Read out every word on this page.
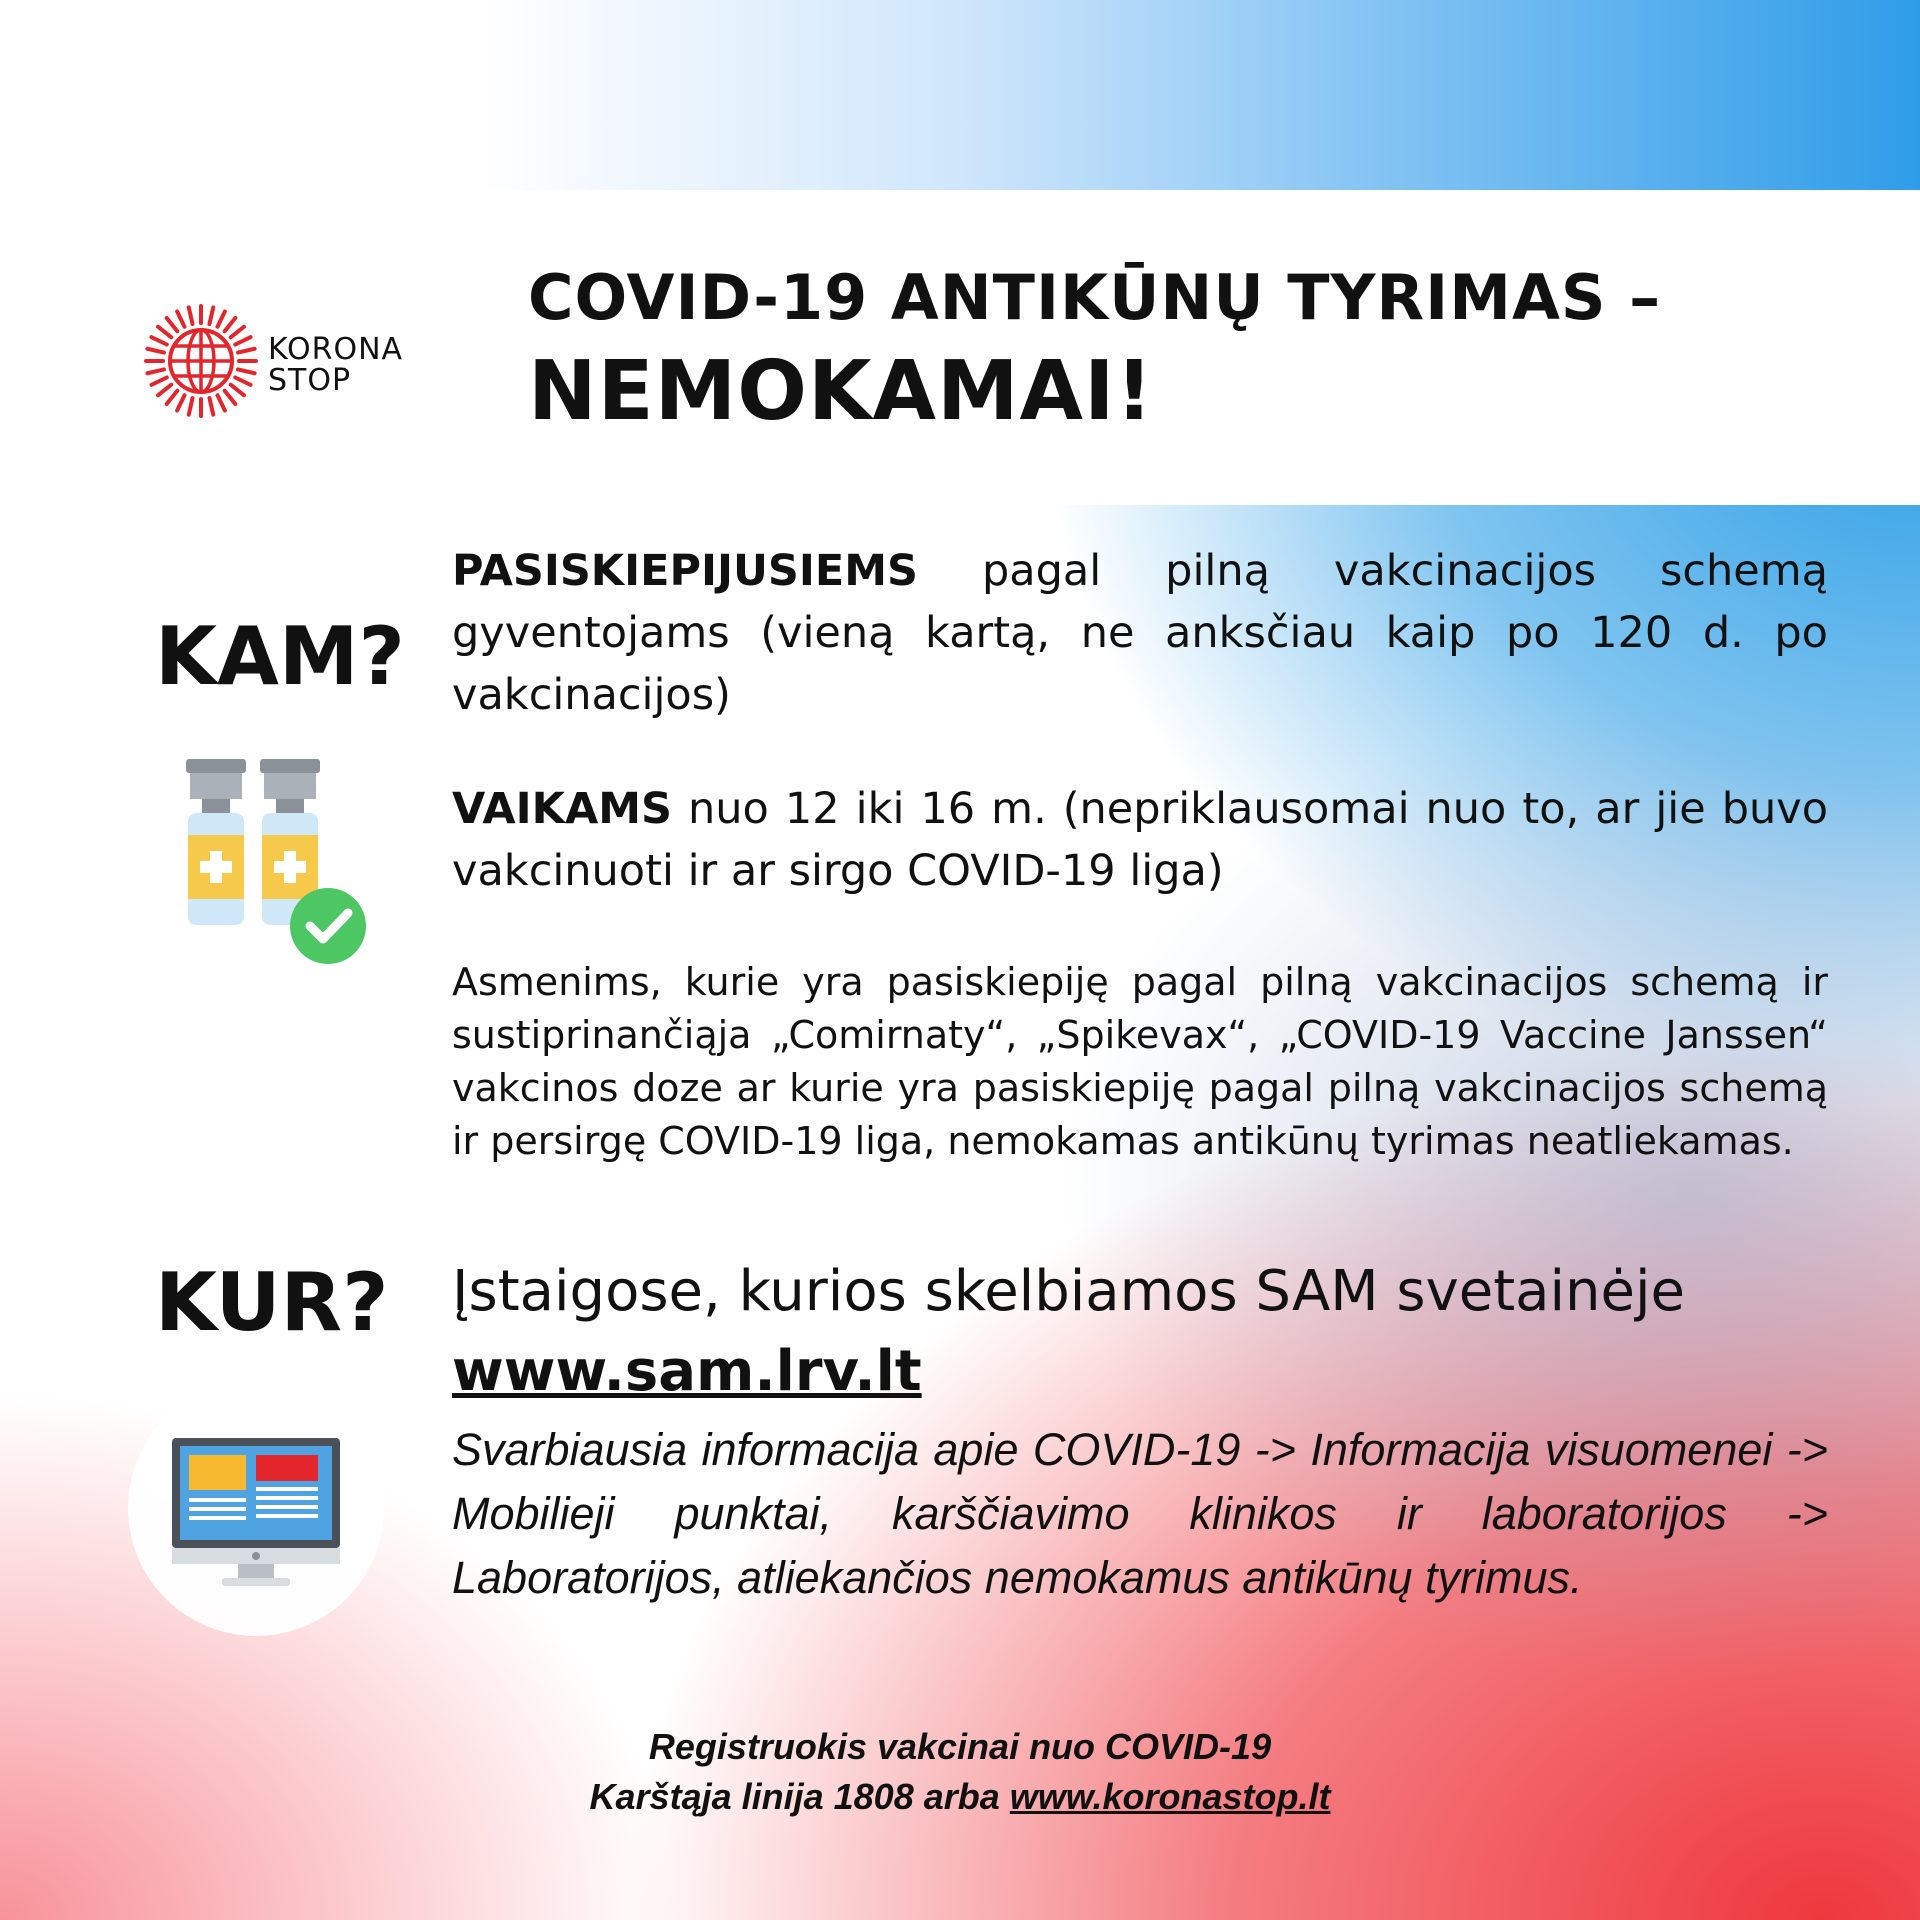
KORONA
STOP
COVID-19 ANTIKŪNŲ TYRIMAS –
NEMOKAMAI!
KAM?
PASISKIEPIJUSIEMS pagal pilną vakcinacijos schemą gyventojams (vieną kartą, ne anksčiau kaip po 120 d. po vakcinacijos)
VAIKAMS nuo 12 iki 16 m. (nepriklausomai nuo to, ar jie buvo vakcinuoti ir ar sirgo COVID-19 liga)
Asmenims, kurie yra pasiskiepiję pagal pilną vakcinacijos schemą ir sustiprinančiąja „Comirnaty“, „Spikevax“, „COVID-19 Vaccine Janssen“ vakcinos doze ar kurie yra pasiskiepiję pagal pilną vakcinacijos schemą ir persirgę COVID-19 liga, nemokamas antikūnų tyrimas neatliekamas.
KUR? Įstaigose, kurios skelbiamos SAM svetainėje
www.sam.lrv.lt
Svarbiausia informacija apie COVID-19 -> Informacija visuomenei -> Mobilieji punktai, karščiavimo klinikos ir laboratorijos -> Laboratorijos, atliekančios nemokamus antikūnų tyrimus.
Registruokis vakcinai nuo COVID-19
Karštąja linija 1808 arba www.koronastop.lt
